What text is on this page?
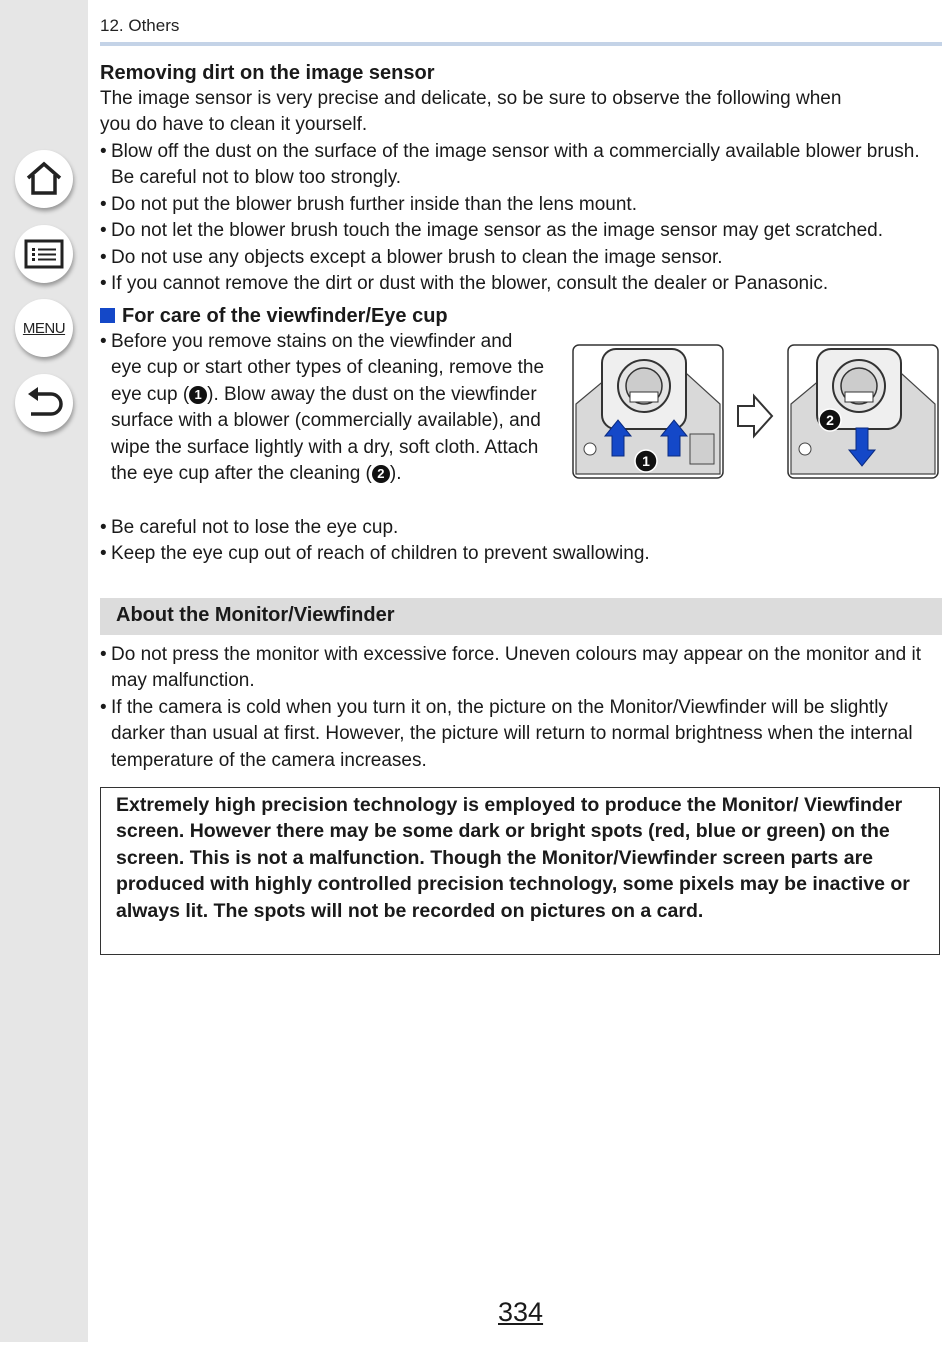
MENU
12. Others
Removing dirt on the image sensor
The image sensor is very precise and delicate, so be sure to observe the following when
you do have to clean it yourself.
• Blow off the dust on the surface of the image sensor with a commercially available blower brush. Be careful not to blow too strongly.
• Do not put the blower brush further inside than the lens mount.
• Do not let the blower brush touch the image sensor as the image sensor may get scratched.
• Do not use any objects except a blower brush to clean the image sensor.
• If you cannot remove the dirt or dust with the blower, consult the dealer or Panasonic.
For care of the viewfinder/Eye cup
• Before you remove stains on the viewfinder and eye cup or start other types of cleaning, remove the eye cup ( 1 ). Blow away the dust on the viewfinder surface with a blower (commercially available), and wipe the surface lightly with a dry, soft cloth. Attach the eye cup after the cleaning ( 2 ).
• Be careful not to lose the eye cup.
• Keep the eye cup out of reach of children to prevent swallowing.
1
2
About the Monitor/Viewfinder
• Do not press the monitor with excessive force. Uneven colours may appear on the monitor and it may malfunction.
• If the camera is cold when you turn it on, the picture on the Monitor/Viewfinder will be slightly darker than usual at first. However, the picture will return to normal brightness when the internal temperature of the camera increases.

Extremely high precision technology is employed to produce the Monitor/ Viewfinder screen. However there may be some dark or bright spots (red, blue or green) on the screen. This is not a malfunction. Though the Monitor/Viewfinder screen parts are produced with highly controlled precision technology, some pixels may be inactive or always lit. The spots will not be recorded on pictures on a card.

334
